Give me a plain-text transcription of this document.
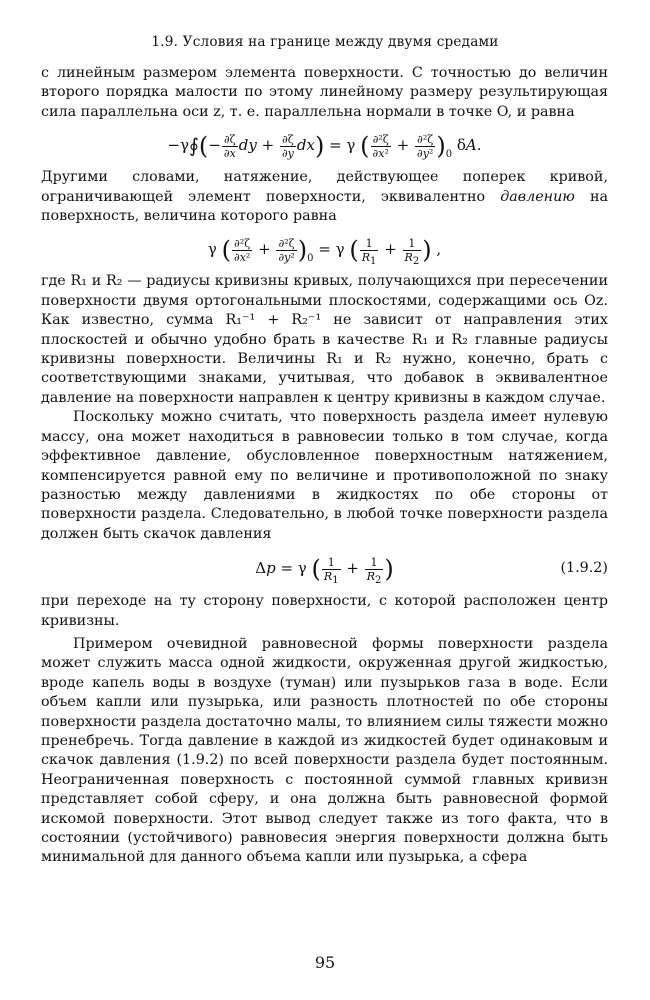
1.9. Условия на границе между двумя средами

с линейным размером элемента поверхности. С точностью до величин второго порядка малости по этому линейному размеру результирующая сила параллельна оси z, т. е. параллельна нормали в точке O, и равна

−γ∮(− $\frac{\partial\zeta}{\partial x}$ dy + $\frac{\partial\zeta}{\partial y} dx) = \gamma$ ( $\frac{\text{∂²ζ}}{\text{∂x²}} + \frac{\text{∂²ζ}}{\text{∂y²}} )_0$ δA.

Другими словами, натяжение, действующее поперек кривой, ограничивающей элемент поверхности, эквивалентно давлению на поверхность, величина которого равна

γ ( $\frac{\text{∂²ζ}}{\text{∂x²}} + \frac{\text{∂²ζ}}{\text{∂y²}} )_0 = \gamma$ ( $\frac{1}{R_1} + \frac{1}{R_2}$ ) ,

где R₁ и R₂ — радиусы кривизны кривых, получающихся при пересечении поверхности двумя ортогональными плоскостями, содержащими ось Oz. Как известно, сумма R₁⁻¹ + R₂⁻¹ не зависит от направления этих плоскостей и обычно удобно брать в качестве R₁ и R₂ главные радиусы кривизны поверхности. Величины R₁ и R₂ нужно, конечно, брать с соответствующими знаками, учитывая, что добавок в эквивалентное давление на поверхности направлен к центру кривизны в каждом случае.

Поскольку можно считать, что поверхность раздела имеет нулевую массу, она может находиться в равновесии только в том случае, когда эффективное давление, обусловленное поверхностным натяжением, компенсируется равной ему по величине и противоположной по знаку разностью между давлениями в жидкостях по обе стороны от поверхности раздела. Следовательно, в любой точке поверхности раздела должен быть скачок давления

Δp = γ ( $\frac{1}{R_1} + \frac{1}{R_2}$ )	(1.9.2)

при переходе на ту сторону поверхности, с которой расположен центр кривизны.

Примером очевидной равновесной формы поверхности раздела может служить масса одной жидкости, окруженная другой жидкостью, вроде капель воды в воздухе (туман) или пузырьков газа в воде. Если объем капли или пузырька, или разность плотностей по обе стороны поверхности раздела достаточно малы, то влиянием силы тяжести можно пренебречь. Тогда давление в каждой из жидкостей будет одинаковым и скачок давления (1.9.2) по всей поверхности раздела будет постоянным. Неограниченная поверхность с постоянной суммой главных кривизн представляет собой сферу, и она должна быть равновесной формой искомой поверхности. Этот вывод следует также из того факта, что в состоянии (устойчивого) равновесия энергия поверхности должна быть минимальной для данного объема капли или пузырька, а сфера

95
